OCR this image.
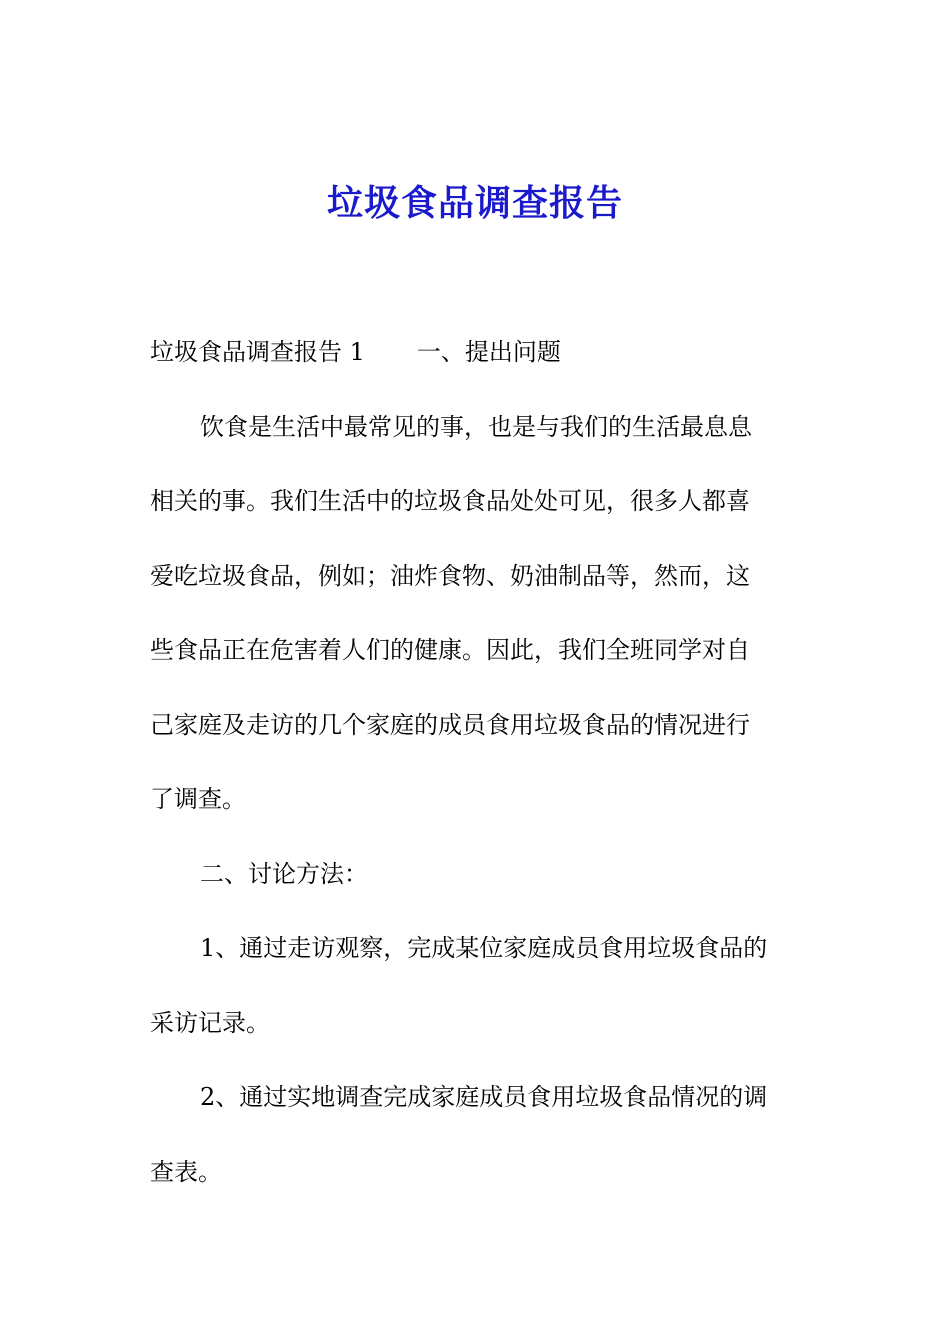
垃圾食品调查报告
垃圾食品调查报告 1 一、提出问题
饮食是生活中最常见的事，也是与我们的生活最息息
相关的事。我们生活中的垃圾食品处处可见，很多人都喜
爱吃垃圾食品，例如；油炸食物、奶油制品等，然而，这
些食品正在危害着人们的健康。因此，我们全班同学对自
己家庭及走访的几个家庭的成员食用垃圾食品的情况进行
了调查。
二、讨论方法：
1、通过走访观察，完成某位家庭成员食用垃圾食品的
采访记录。
2、通过实地调查完成家庭成员食用垃圾食品情况的调
查表。
